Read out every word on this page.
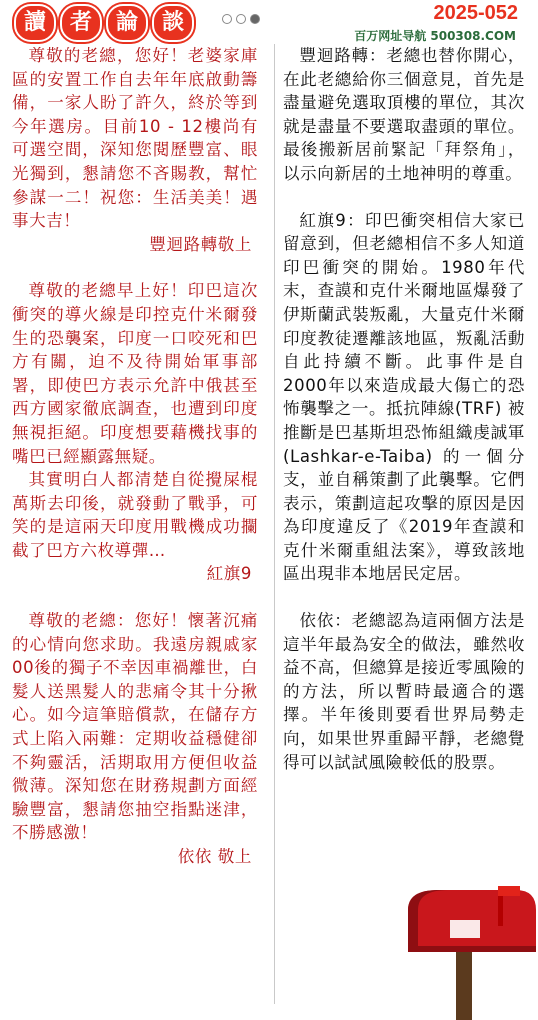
讀	者	論	談	2025-052
百万网址导航 500308.COM

尊敬的老總，您好！老婆家庫區的安置工作自去年年底啟動籌備，一家人盼了許久，終於等到今年選房。目前10 - 12樓尚有可選空間，深知您閱歷豐富、眼光獨到，懇請您不吝賜教，幫忙參謀一二！祝您：生活美美！遇事大吉！

豐迴路轉敬上

尊敬的老總早上好！印巴這次衝突的導火線是印控克什米爾發生的恐襲案，印度一口咬死和巴方有關，迫不及待開始軍事部署，即使巴方表示允許中俄甚至西方國家徹底調查，也遭到印度無視拒絕。印度想要藉機找事的嘴巴已經顯露無疑。

其實明白人都清楚自從攪屎棍萬斯去印後，就發動了戰爭，可笑的是這兩天印度用戰機成功攔截了巴方六枚導彈…

紅旗9

尊敬的老總：您好！懷著沉痛的心情向您求助。我遠房親戚家00後的獨子不幸因車禍離世，白髮人送黑髮人的悲痛令其十分揪心。如今這筆賠償款，在儲存方式上陷入兩難：定期收益穩健卻不夠靈活，活期取用方便但收益微薄。深知您在財務規劃方面經驗豐富，懇請您抽空指點迷津，不勝感激！

依依 敬上

豐迴路轉：老總也替你開心，在此老總給你三個意見，首先是盡量避免選取頂樓的單位，其次就是盡量不要選取盡頭的單位。最後搬新居前緊記「拜祭角」，以示向新居的土地神明的尊重。

紅旗9：印巴衝突相信大家已留意到，但老總相信不多人知道印巴衝突的開始。1980年代末，查謨和克什米爾地區爆發了伊斯蘭武裝叛亂，大量克什米爾印度教徒遷離該地區，叛亂活動自此持續不斷。此事件是自2000年以來造成最大傷亡的恐怖襲擊之一。抵抗陣線(TRF) 被推斷是巴基斯坦恐怖組織虔誠軍 (Lashkar-e-Taiba) 的一個分支，並自稱策劃了此襲擊。它們表示，策劃這起攻擊的原因是因為印度違反了《2019年查謨和克什米爾重組法案》，導致該地區出現非本地居民定居。

依依：老總認為這兩個方法是這半年最為安全的做法，雖然收益不高，但總算是接近零風險的的方法，所以暫時最適合的選擇。半年後則要看世界局勢走向，如果世界重歸平靜，老總覺得可以試試風險較低的股票。
